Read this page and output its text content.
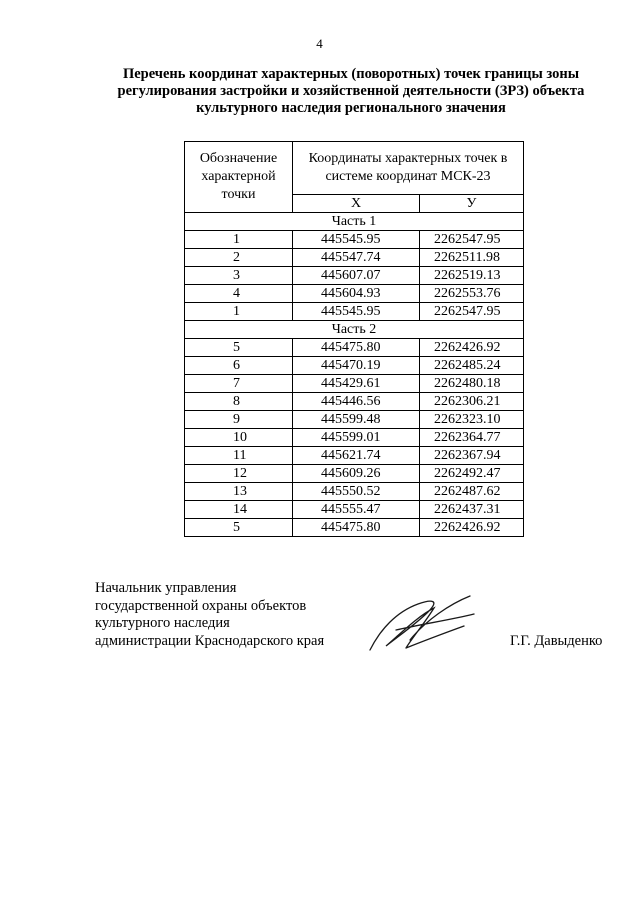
4
Перечень координат характерных (поворотных) точек границы зоны
регулирования застройки и хозяйственной деятельности (ЗРЗ) объекта
культурного наследия регионального значения
Обозначение характерной точки	Координаты характерных точек в системе координат МСК-23	
	Х	У
Часть 1		
1	445545.95	2262547.95
2	445547.74	2262511.98
3	445607.07	2262519.13
4	445604.93	2262553.76
1	445545.95	2262547.95
Часть 2		
5	445475.80	2262426.92
6	445470.19	2262485.24
7	445429.61	2262480.18
8	445446.56	2262306.21
9	445599.48	2262323.10
10	445599.01	2262364.77
11	445621.74	2262367.94
12	445609.26	2262492.47
13	445550.52	2262487.62
14	445555.47	2262437.31
5	445475.80	2262426.92
Начальник управления
государственной охраны объектов
культурного наследия
администрации Краснодарского края	Г.Г. Давыденко
